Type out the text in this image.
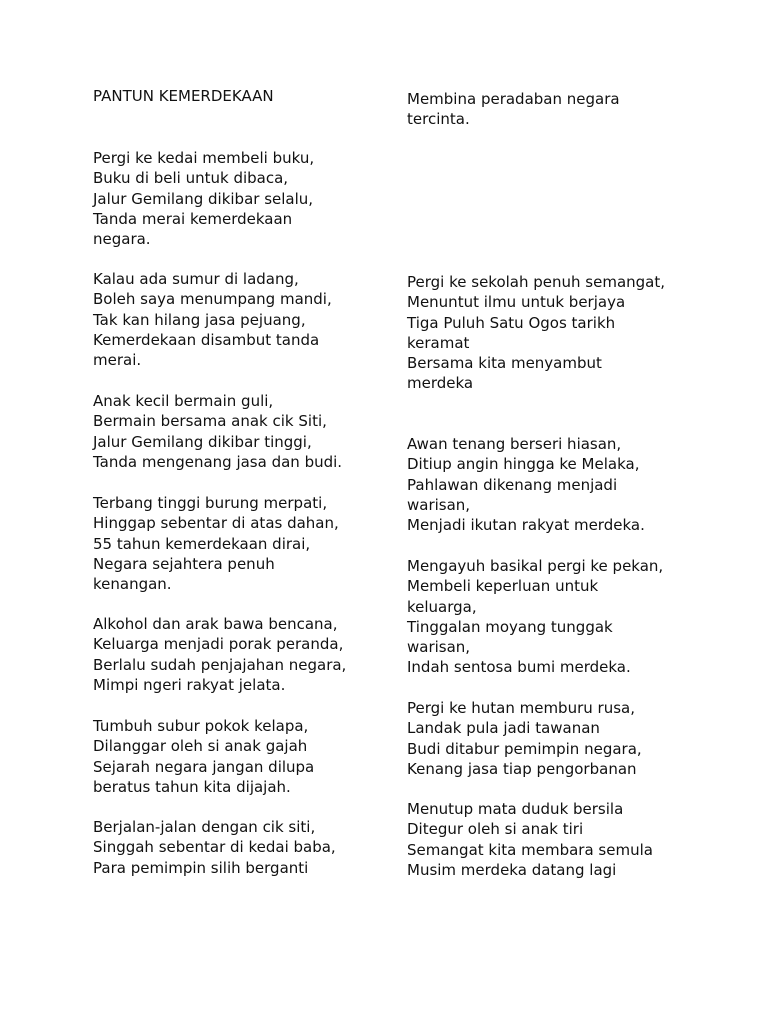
PANTUN KEMERDEKAAN
Pergi ke kedai membeli buku,
Buku di beli untuk dibaca,
Jalur Gemilang dikibar selalu,
Tanda merai kemerdekaan
negara.
Kalau ada sumur di ladang,
Boleh saya menumpang mandi,
Tak kan hilang jasa pejuang,
Kemerdekaan disambut tanda
merai.
Anak kecil bermain guli,
Bermain bersama anak cik Siti,
Jalur Gemilang dikibar tinggi,
Tanda mengenang jasa dan budi.
Terbang tinggi burung merpati,
Hinggap sebentar di atas dahan,
55 tahun kemerdekaan dirai,
Negara sejahtera penuh
kenangan.
Alkohol dan arak bawa bencana,
Keluarga menjadi porak peranda,
Berlalu sudah penjajahan negara,
Mimpi ngeri rakyat jelata.
Tumbuh subur pokok kelapa,
Dilanggar oleh si anak gajah
Sejarah negara jangan dilupa
beratus tahun kita dijajah.
Berjalan-jalan dengan cik siti,
Singgah sebentar di kedai baba,
Para pemimpin silih berganti
Membina peradaban negara
tercinta.
Pergi ke sekolah penuh semangat,
Menuntut ilmu untuk berjaya
Tiga Puluh Satu Ogos tarikh
keramat
Bersama kita menyambut
merdeka
Awan tenang berseri hiasan,
Ditiup angin hingga ke Melaka,
Pahlawan dikenang menjadi
warisan,
Menjadi ikutan rakyat merdeka.
Mengayuh basikal pergi ke pekan,
Membeli keperluan untuk
keluarga,
Tinggalan moyang tunggak
warisan,
Indah sentosa bumi merdeka.
Pergi ke hutan memburu rusa,
Landak pula jadi tawanan
Budi ditabur pemimpin negara,
Kenang jasa tiap pengorbanan
Menutup mata duduk bersila
Ditegur oleh si anak tiri
Semangat kita membara semula
Musim merdeka datang lagi
